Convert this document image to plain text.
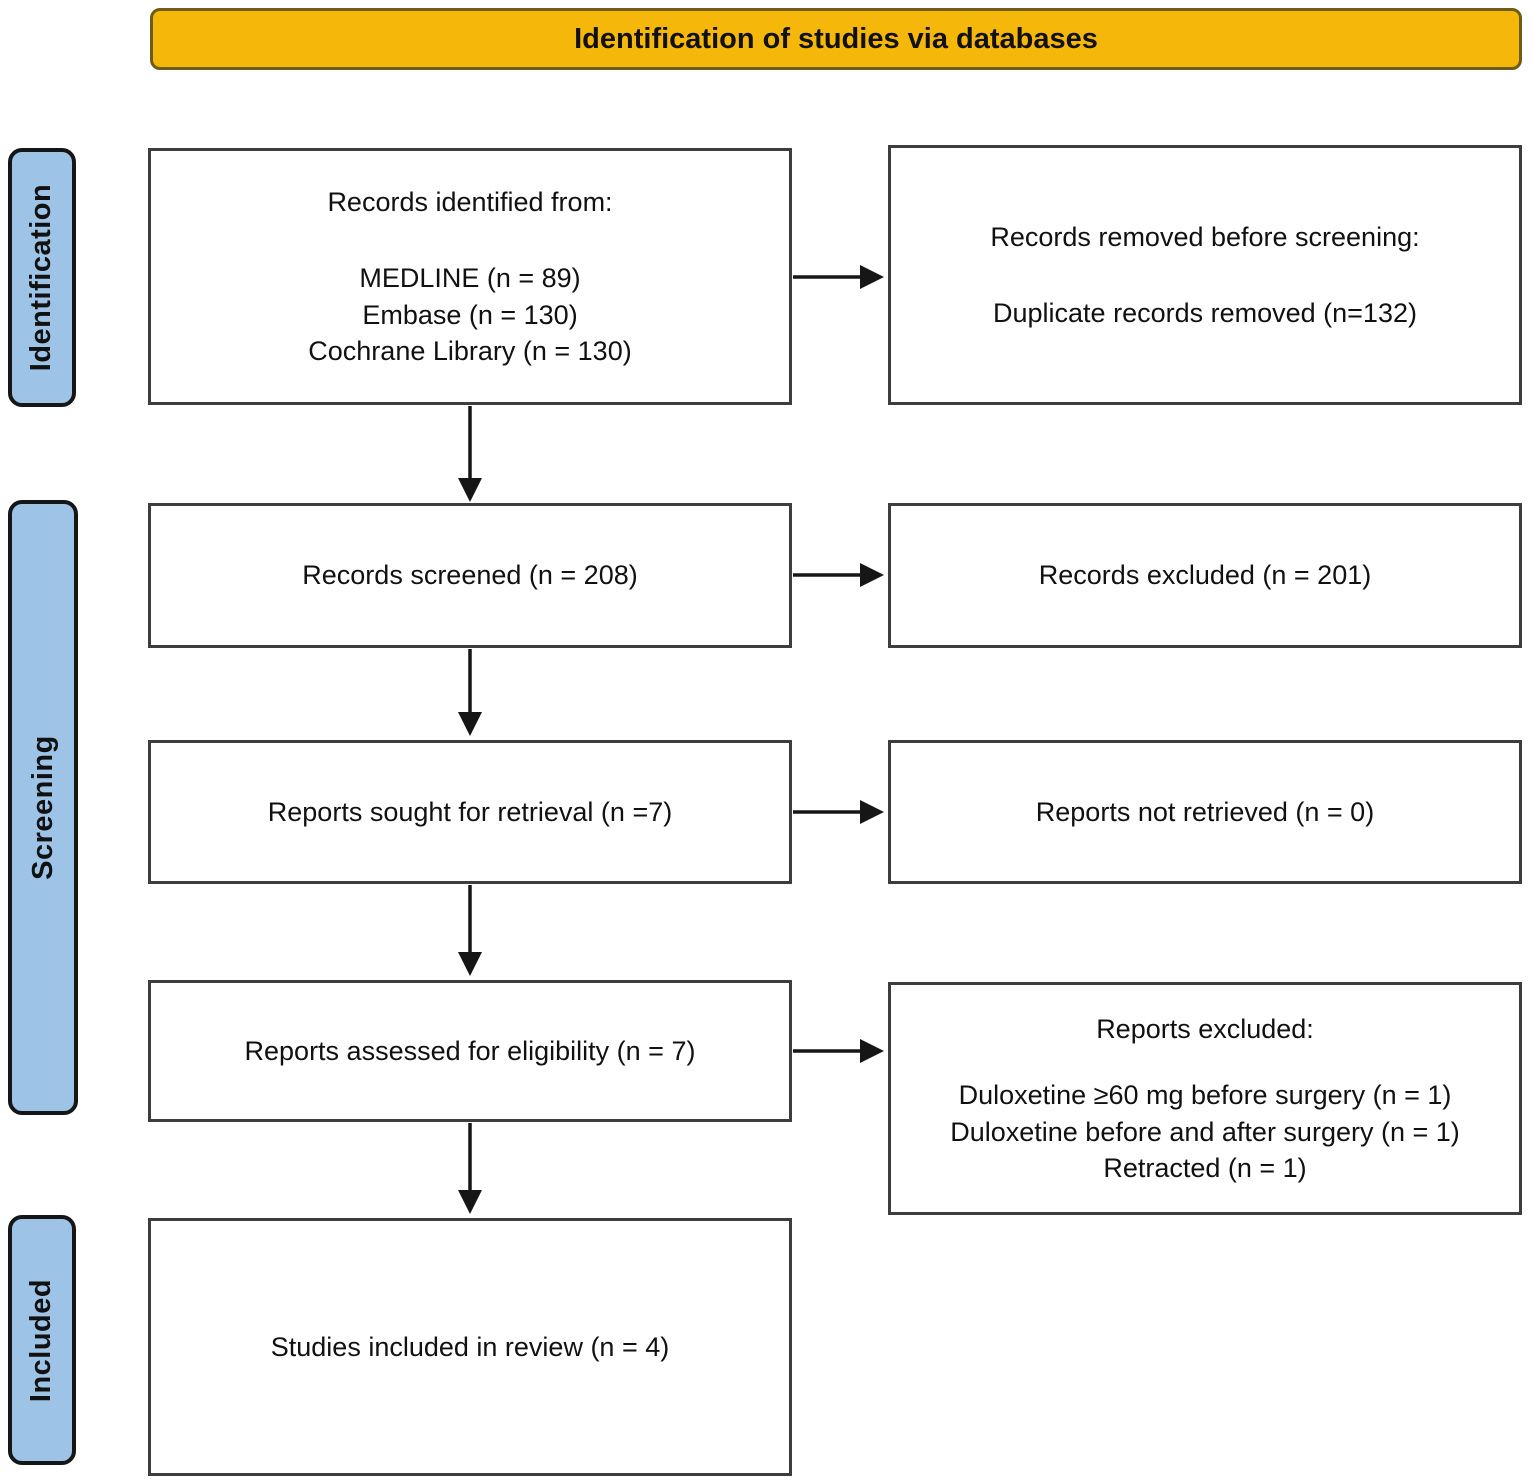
Identification of studies via databases
Identification
Screening
Included
Records identified from:
MEDLINE (n = 89)
Embase (n = 130)
Cochrane Library (n = 130)
Records removed before screening:
Duplicate records removed (n=132)
Records screened (n = 208)	Records excluded (n = 201)
Reports sought for retrieval (n =7)	Reports not retrieved (n = 0)
Reports assessed for eligibility (n = 7)
Reports excluded:
Duloxetine ≥60 mg before surgery (n = 1)
Duloxetine before and after surgery (n = 1)
Retracted (n = 1)
Studies included in review (n = 4)
